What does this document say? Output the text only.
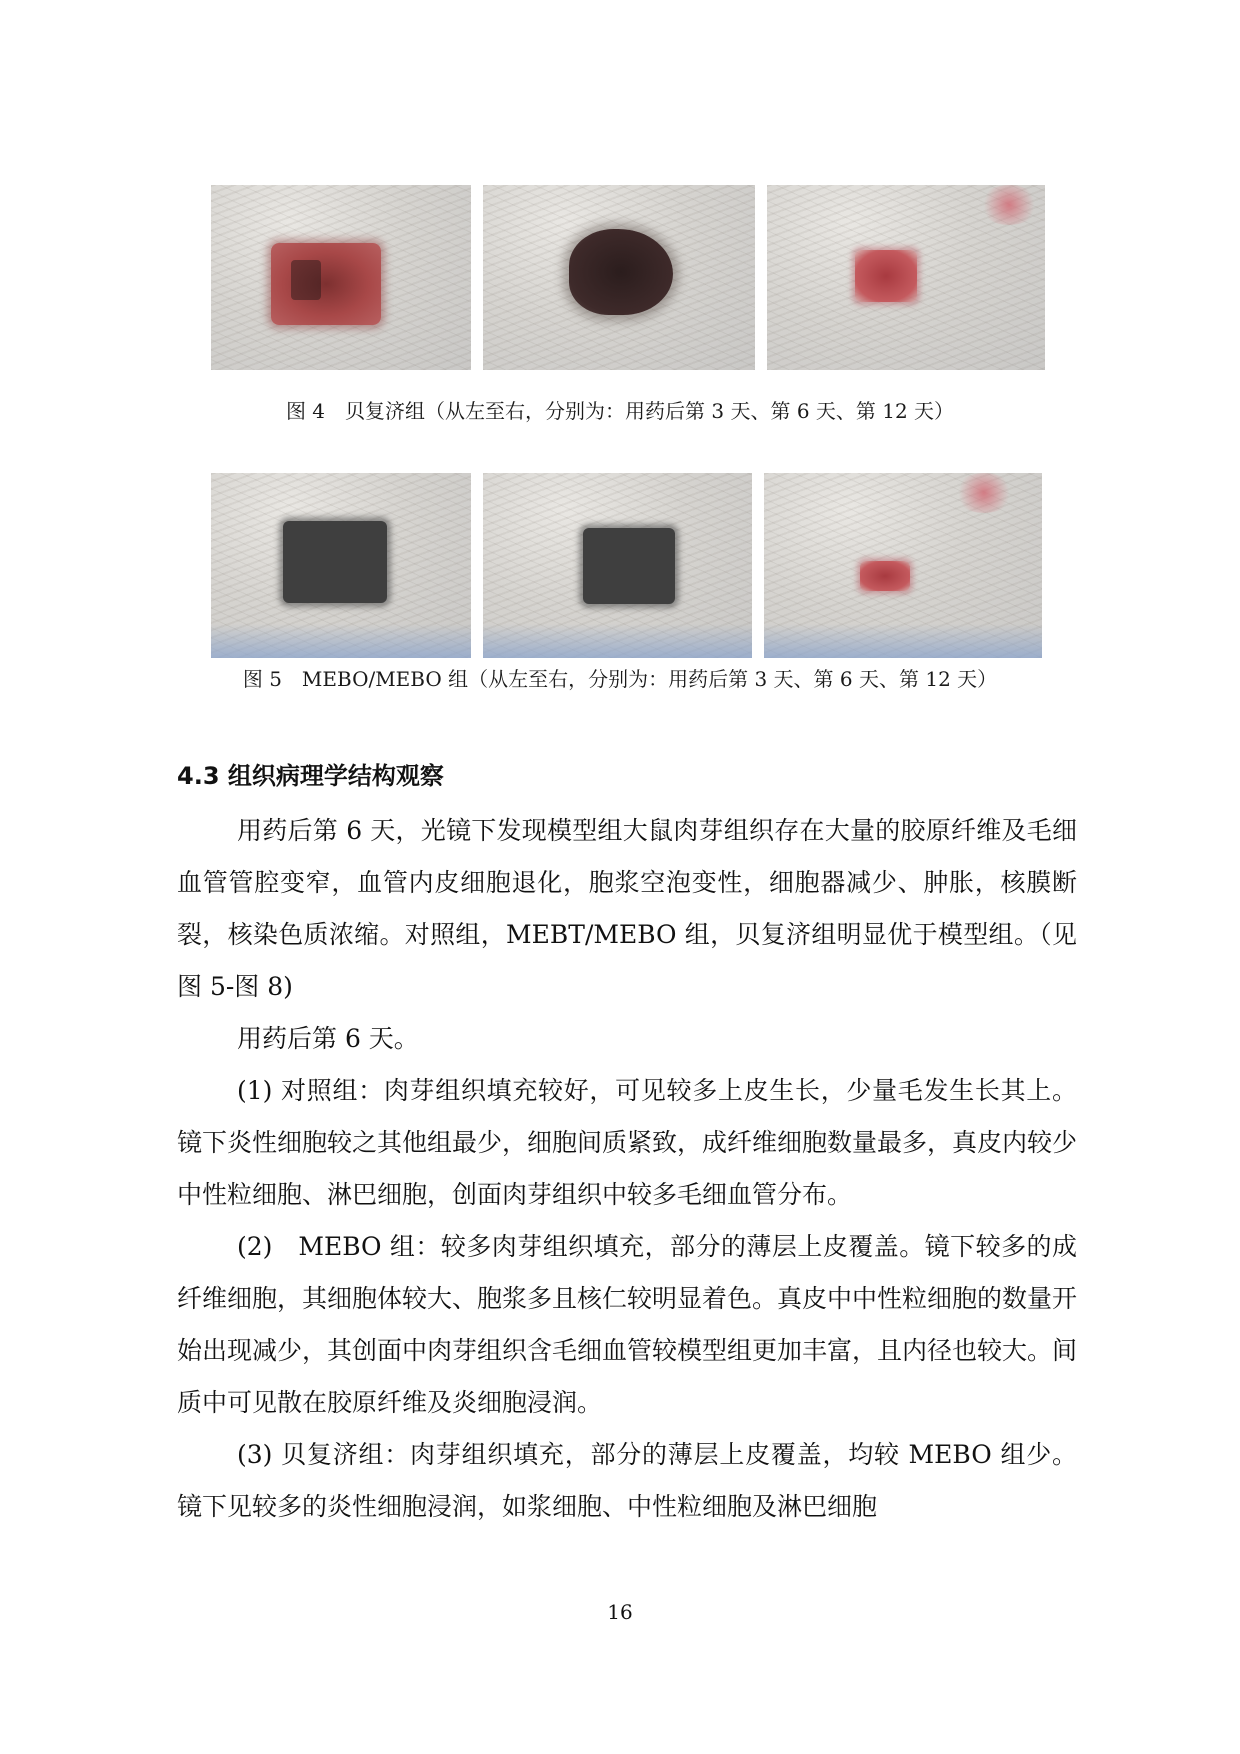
图 4　贝复济组（从左至右，分别为：用药后第 3 天、第 6 天、第 12 天）
图 5　MEBO/MEBO 组（从左至右，分别为：用药后第 3 天、第 6 天、第 12 天）
4.3 组织病理学结构观察

用药后第 6 天，光镜下发现模型组大鼠肉芽组织存在大量的胶原纤维及毛细血管管腔变窄，血管内皮细胞退化，胞浆空泡变性，细胞器减少、肿胀，核膜断裂，核染色质浓缩。对照组，MEBT/MEBO 组，贝复济组明显优于模型组。（见图 5-图 8)

用药后第 6 天。

(1) 对照组：肉芽组织填充较好，可见较多上皮生长，少量毛发生长其上。镜下炎性细胞较之其他组最少，细胞间质紧致，成纤维细胞数量最多，真皮内较少中性粒细胞、淋巴细胞，创面肉芽组织中较多毛细血管分布。

(2)　MEBO 组：较多肉芽组织填充，部分的薄层上皮覆盖。镜下较多的成纤维细胞，其细胞体较大、胞浆多且核仁较明显着色。真皮中中性粒细胞的数量开始出现减少，其创面中肉芽组织含毛细血管较模型组更加丰富，且内径也较大。间质中可见散在胶原纤维及炎细胞浸润。

(3) 贝复济组：肉芽组织填充，部分的薄层上皮覆盖，均较 MEBO 组少。镜下见较多的炎性细胞浸润，如浆细胞、中性粒细胞及淋巴细胞

16
